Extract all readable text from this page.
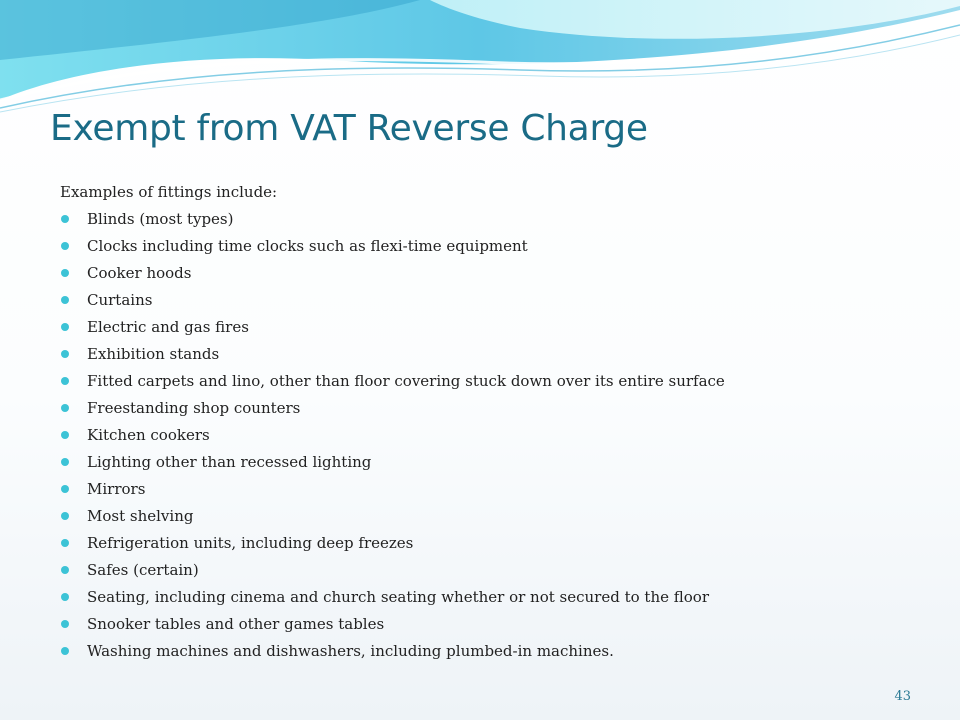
Exempt from VAT Reverse Charge

Examples of fittings include:

Blinds (most types)
Clocks including time clocks such as flexi-time equipment
Cooker hoods
Curtains
Electric and gas fires
Exhibition stands
Fitted carpets and lino, other than floor covering stuck down over its entire surface
Freestanding shop counters
Kitchen cookers
Lighting other than recessed lighting
Mirrors
Most shelving
Refrigeration units, including deep freezes
Safes (certain)
Seating, including cinema and church seating whether or not secured to the floor
Snooker tables and other games tables
Washing machines and dishwashers, including plumbed-in machines.
43
